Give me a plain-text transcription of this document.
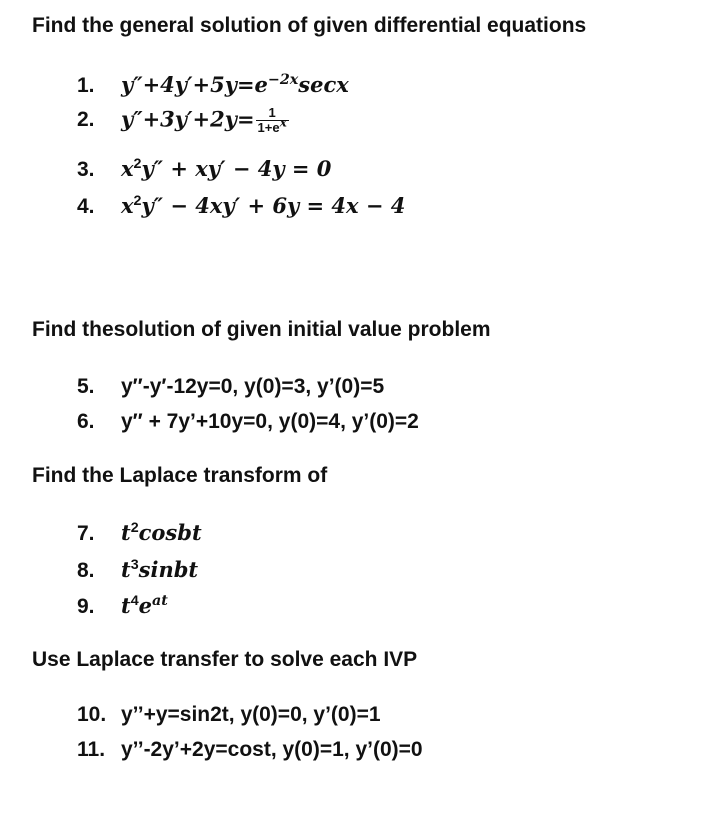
Find the general solution of given differential equations
1. $y''+4y'+5y=e^{-2x}\sec x$
2. $y''+3y'+2y= \frac{1}{1+e^x}$
3. $x^2y'' + xy' - 4y = 0$
4. $x^2y'' - 4xy' + 6y = 4x - 4$
Find thesolution of given initial value problem
5. y″-y′-12y=0, y(0)=3, y’(0)=5
6. y″ + 7y’+10y=0, y(0)=4, y’(0)=2
Find the Laplace transform of
7. $t^2cosbt$
8. $t^3sinbt$
9. $t^4e^{at}$
Use Laplace transfer to solve each IVP
10. y’’+y=sin2t, y(0)=0, y’(0)=1
11. y’’-2y’+2y=cost, y(0)=1, y’(0)=0
